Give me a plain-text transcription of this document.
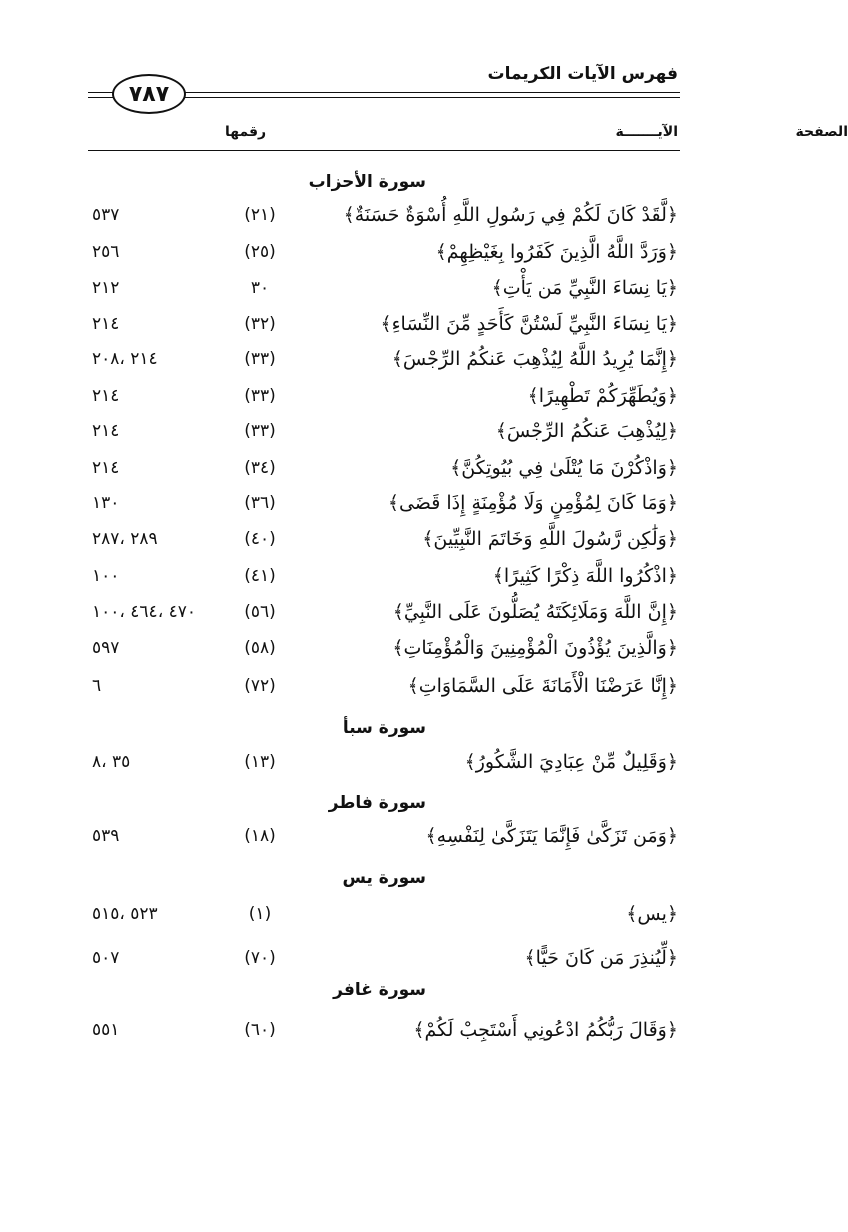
فهرس الآيات الكريمات
٧٨٧
الآيـــــــة
رقمها	الصفحة
سورة الأحزاب
﴿لَّقَدْ كَانَ لَكُمْ فِي رَسُولِ اللَّهِ أُسْوَةٌ حَسَنَةٌ﴾
(٢١)
٥٣٧
﴿وَرَدَّ اللَّهُ الَّذِينَ كَفَرُوا بِغَيْظِهِمْ﴾
(٢٥)
٢٥٦
﴿يَا نِسَاءَ النَّبِيِّ مَن يَأْتِ﴾
٣٠
٢١٢
﴿يَا نِسَاءَ النَّبِيِّ لَسْتُنَّ كَأَحَدٍ مِّنَ النِّسَاءِ﴾
(٣٢)
٢١٤
﴿إِنَّمَا يُرِيدُ اللَّهُ لِيُذْهِبَ عَنكُمُ الرِّجْسَ﴾
(٣٣)
٢١٤ ،٢٠٨
﴿وَيُطَهِّرَكُمْ تَطْهِيرًا﴾
(٣٣)
٢١٤
﴿لِيُذْهِبَ عَنكُمُ الرِّجْسَ﴾
(٣٣)
٢١٤
﴿وَاذْكُرْنَ مَا يُتْلَىٰ فِي بُيُوتِكُنَّ﴾
(٣٤)
٢١٤
﴿وَمَا كَانَ لِمُؤْمِنٍ وَلَا مُؤْمِنَةٍ إِذَا قَضَى﴾
(٣٦)
١٣٠
﴿وَلَٰكِن رَّسُولَ اللَّهِ وَخَاتَمَ النَّبِيِّينَ﴾
(٤٠)
٢٨٩ ،٢٨٧
﴿اذْكُرُوا اللَّهَ ذِكْرًا كَثِيرًا﴾
(٤١)
١٠٠
﴿إِنَّ اللَّهَ وَمَلَائِكَتَهُ يُصَلُّونَ عَلَى النَّبِيِّ﴾
(٥٦)
٤٧٠ ،٤٦٤ ،١٠٠
﴿وَالَّذِينَ يُؤْذُونَ الْمُؤْمِنِينَ وَالْمُؤْمِنَاتِ﴾
(٥٨)
٥٩٧
﴿إِنَّا عَرَضْنَا الْأَمَانَةَ عَلَى السَّمَاوَاتِ﴾
(٧٢)
٦
سورة سبأ
﴿وَقَلِيلٌ مِّنْ عِبَادِيَ الشَّكُورُ﴾
(١٣)
٣٥ ،٨
سورة فاطر
﴿وَمَن تَزَكَّىٰ فَإِنَّمَا يَتَزَكَّىٰ لِنَفْسِهِ﴾
(١٨)
٥٣٩
سورة يس
﴿يس﴾
(١)
٥٢٣ ،٥١٥
﴿لِّيُنذِرَ مَن كَانَ حَيًّا﴾
(٧٠)
٥٠٧
سورة غافر
﴿وَقَالَ رَبُّكُمُ ادْعُونِي أَسْتَجِبْ لَكُمْ﴾
(٦٠)
٥٥١
